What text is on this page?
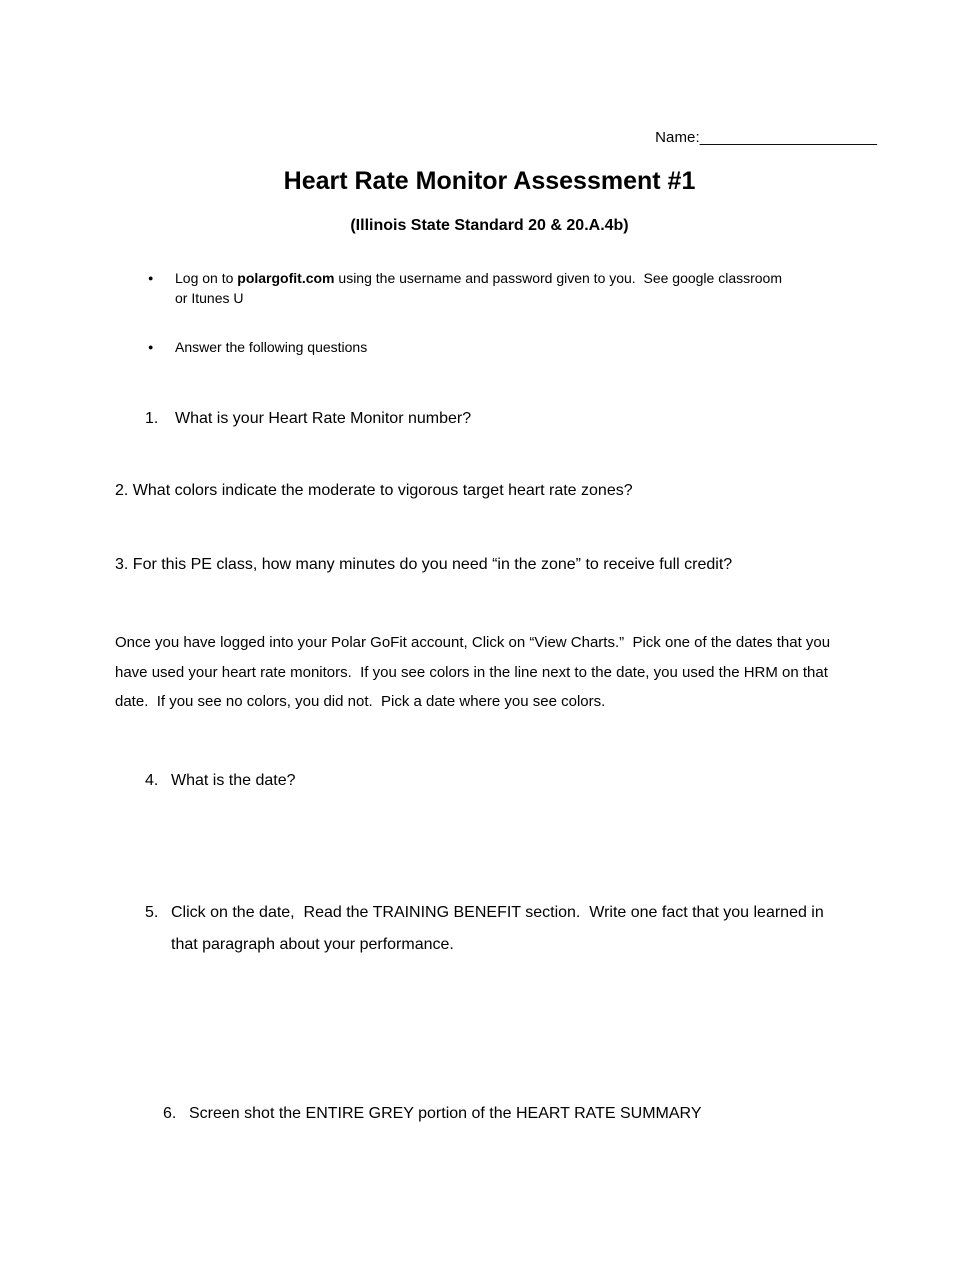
Name:_____________________

Heart Rate Monitor Assessment #1
(Illinois State Standard 20 & 20.A.4b)
●	Log on to polargofit.com using the username and password given to you.  See google classroom or Itunes U
●	Answer the following questions
1.	What is your Heart Rate Monitor number?
2. What colors indicate the moderate to vigorous target heart rate zones?
3. For this PE class, how many minutes do you need “in the zone” to receive full credit?
Once you have logged into your Polar GoFit account, Click on “View Charts.”  Pick one of the dates that you have used your heart rate monitors.  If you see colors in the line next to the date, you used the HRM on that date.  If you see no colors, you did not.  Pick a date where you see colors.
4. What is the date?
5. Click on the date,  Read the TRAINING BENEFIT section.  Write one fact that you learned in that paragraph about your performance.
6. Screen shot the ENTIRE GREY portion of the HEART RATE SUMMARY
